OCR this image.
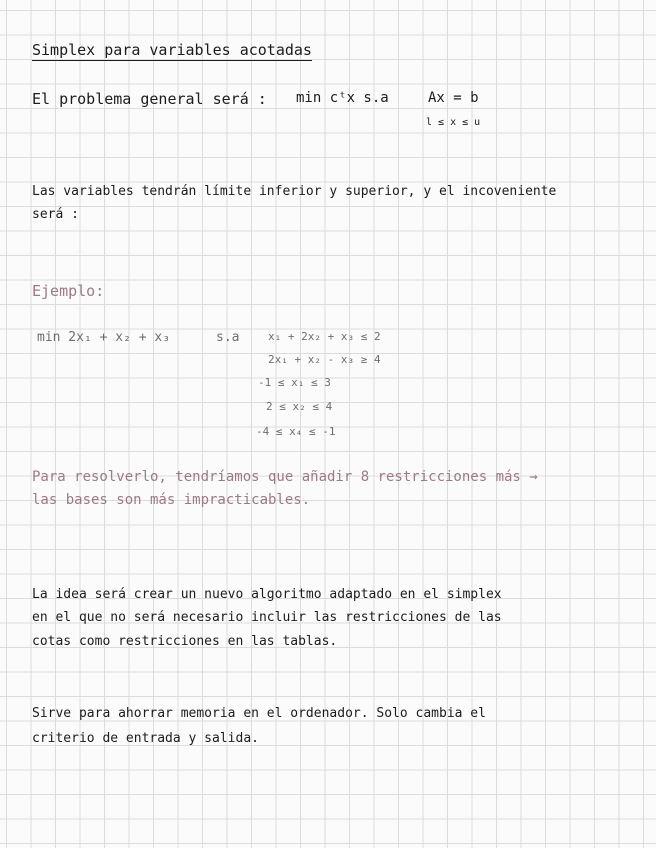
Simplex para variables acotadas

El problema general será : min cᵗx s.a	Ax = b

l ≤ x ≤ u

Las variables tendrán límite inferior y superior, y el incoveniente

será :

Ejemplo:

min 2x₁ + x₂ + x₃	s.a	x₁ + 2x₂ + x₃ ≤ 2

2x₁ + x₂ - x₃ ≥ 4

-1 ≤ x₁ ≤ 3

2 ≤ x₂ ≤ 4

-4 ≤ x₄ ≤ -1

Para resolverlo, tendríamos que añadir 8 restricciones más →

las bases son más impracticables.

La idea será crear un nuevo algoritmo adaptado en el simplex

en el que no será necesario incluir las restricciones de las

cotas como restricciones en las tablas.

Sirve para ahorrar memoria en el ordenador. Solo cambia el

criterio de entrada y salida.
